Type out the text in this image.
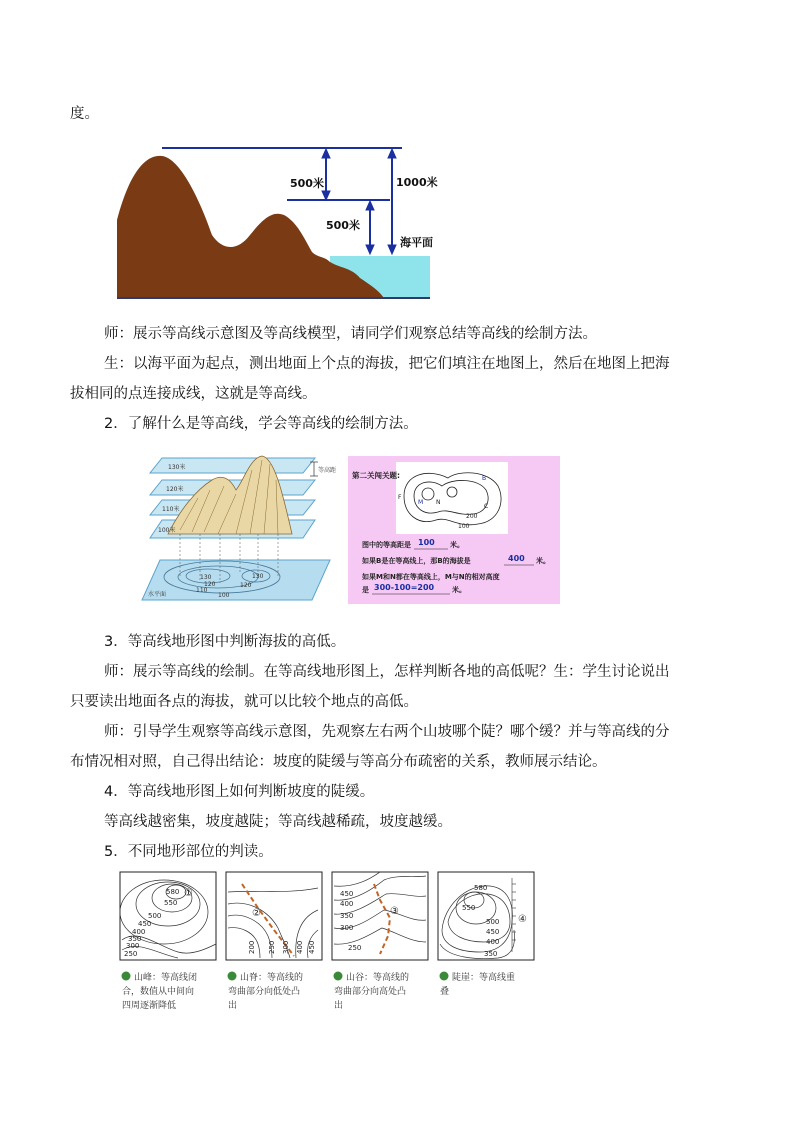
度。
500米	1000米
500米
海平面
师：展示等高线示意图及等高线模型，请同学们观察总结等高线的绘制方法。
生：以海平面为起点，测出地面上个点的海拔，把它们填注在地图上，然后在地图上把海
拔相同的点连接成线，这就是等高线。
2．了解什么是等高线，学会等高线的绘制方法。
等高距
130米
120米
110米
100米
水平面
130
120
110
100
130
120
第二关闯关题:
F
M N
B
C
200
100
图中的等高距是 100 米。
如果B是在等高线上，那B的海拔是	400 米。
如果M和N都在等高线上，M与N的相对高度
是 300-100=200	米。
3．等高线地形图中判断海拔的高低。
师：展示等高线的绘制。在等高线地形图上，怎样判断各地的高低呢？生：学生讨论说出
只要读出地面各点的海拔，就可以比较个地点的高低。
师：引导学生观察等高线示意图，先观察左右两个山坡哪个陡？哪个缓？并与等高线的分
布情况相对照，自己得出结论：坡度的陡缓与等高分布疏密的关系，教师展示结论。
4．等高线地形图上如何判断坡度的陡缓。
等高线越密集，坡度越陡；等高线越稀疏，坡度越缓。
5．不同地形部位的判读。
580 ①
550
500
450
400
350
300
250
②
200 250 300 400 450
③
450
400
350
300
250
580
550
500
450
400
350
④
山峰：等高线闭
合，数值从中间向
四周逐渐降低
山脊：等高线的
弯曲部分向低处凸
出
山谷：等高线的
弯曲部分向高处凸
出
陡崖：等高线重
叠
